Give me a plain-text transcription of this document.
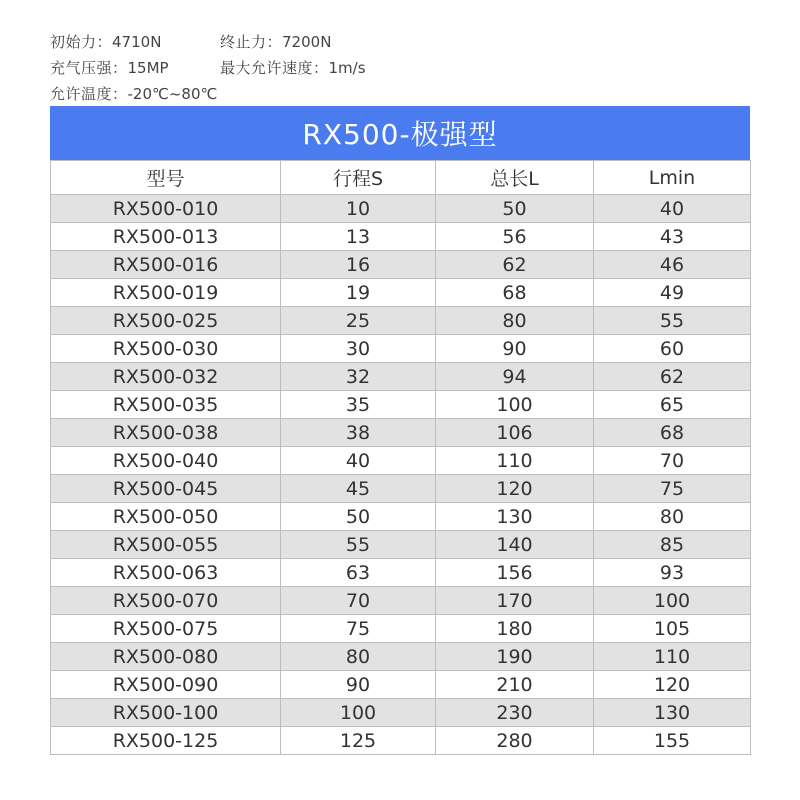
初始力：4710N	终止力：7200N
充气压强：15MP	最大允许速度：1m/s
允许温度：-20℃~80℃
RX500-极强型
型号	行程S	总长L	Lmin
RX500-010	10	50	40
RX500-013	13	56	43
RX500-016	16	62	46
RX500-019	19	68	49
RX500-025	25	80	55
RX500-030	30	90	60
RX500-032	32	94	62
RX500-035	35	100	65
RX500-038	38	106	68
RX500-040	40	110	70
RX500-045	45	120	75
RX500-050	50	130	80
RX500-055	55	140	85
RX500-063	63	156	93
RX500-070	70	170	100
RX500-075	75	180	105
RX500-080	80	190	110
RX500-090	90	210	120
RX500-100	100	230	130
RX500-125	125	280	155
